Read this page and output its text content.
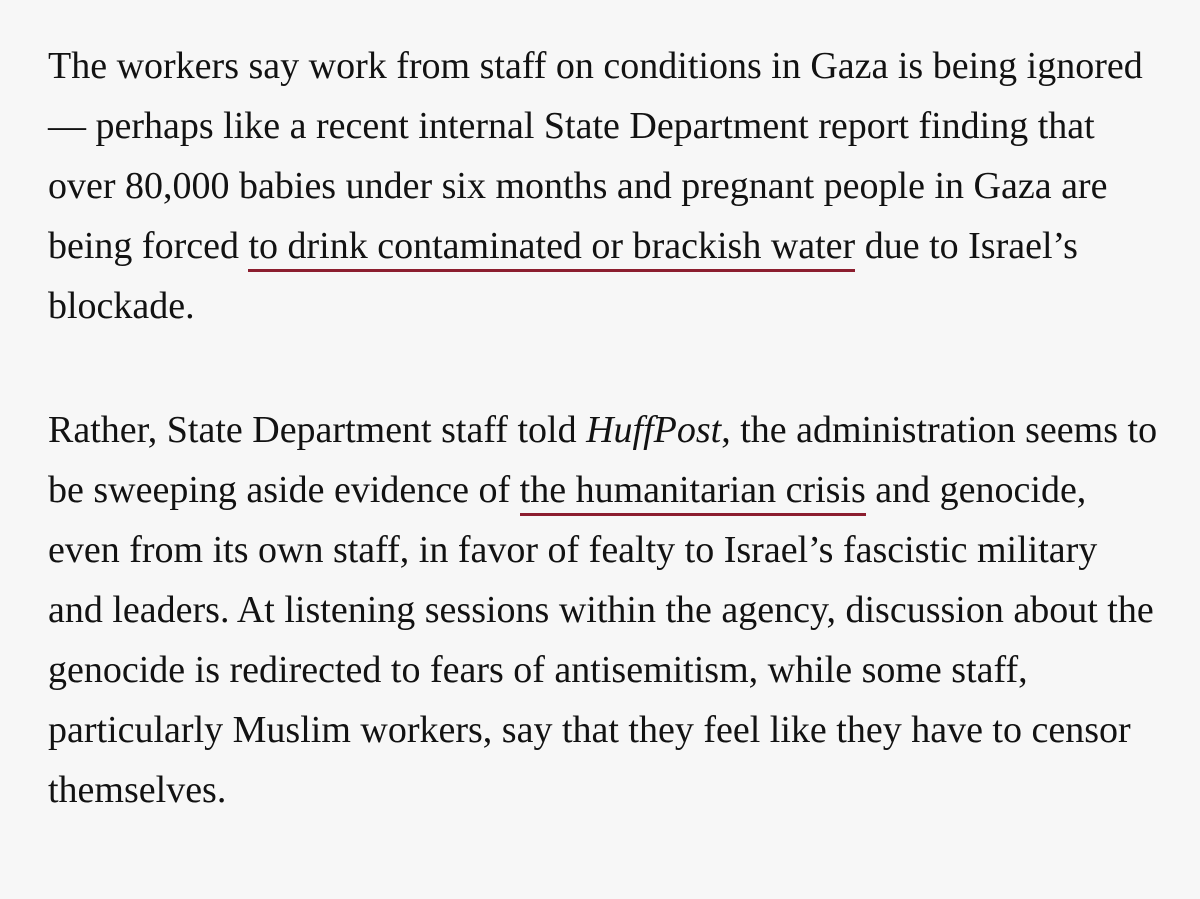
The workers say work from staff on conditions in Gaza is being ignored — perhaps like a recent internal State Department report finding that over 80,000 babies under six months and pregnant people in Gaza are being forced to drink contaminated or brackish water due to Israel’s blockade.

Rather, State Department staff told HuffPost, the administration seems to be sweeping aside evidence of the humanitarian crisis and genocide, even from its own staff, in favor of fealty to Israel’s fascistic military and leaders. At listening sessions within the agency, discussion about the genocide is redirected to fears of antisemitism, while some staff, particularly Muslim workers, say that they feel like they have to censor themselves.
